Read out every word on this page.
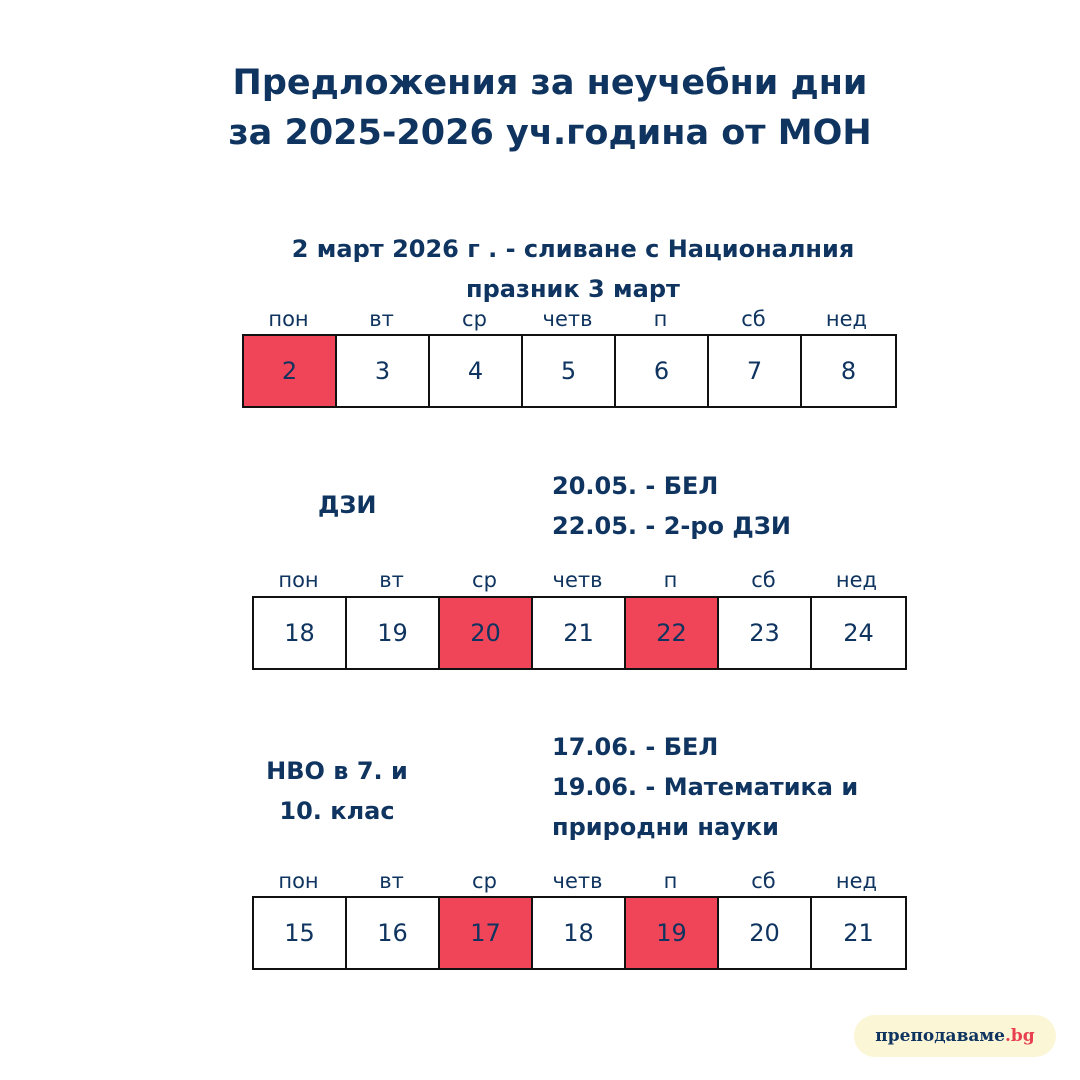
Предложения за неучебни дни
за 2025-2026 уч.година от МОН
2 март 2026 г . - сливане с Националния
празник 3 март
пон	вт	ср	четв	п	сб	нед
2	3	4	5	6	7	8
ДЗИ
20.05. - БЕЛ
22.05. - 2-ро ДЗИ
пон	вт	ср	четв	п	сб	нед
18	19	20	21	22	23	24
НВО в 7. и
10. клас
17.06. - БЕЛ
19.06. - Математика и
природни науки
пон	вт	ср	четв	п	сб	нед
15	16	17	18	19	20	21
преподаваме .bg
